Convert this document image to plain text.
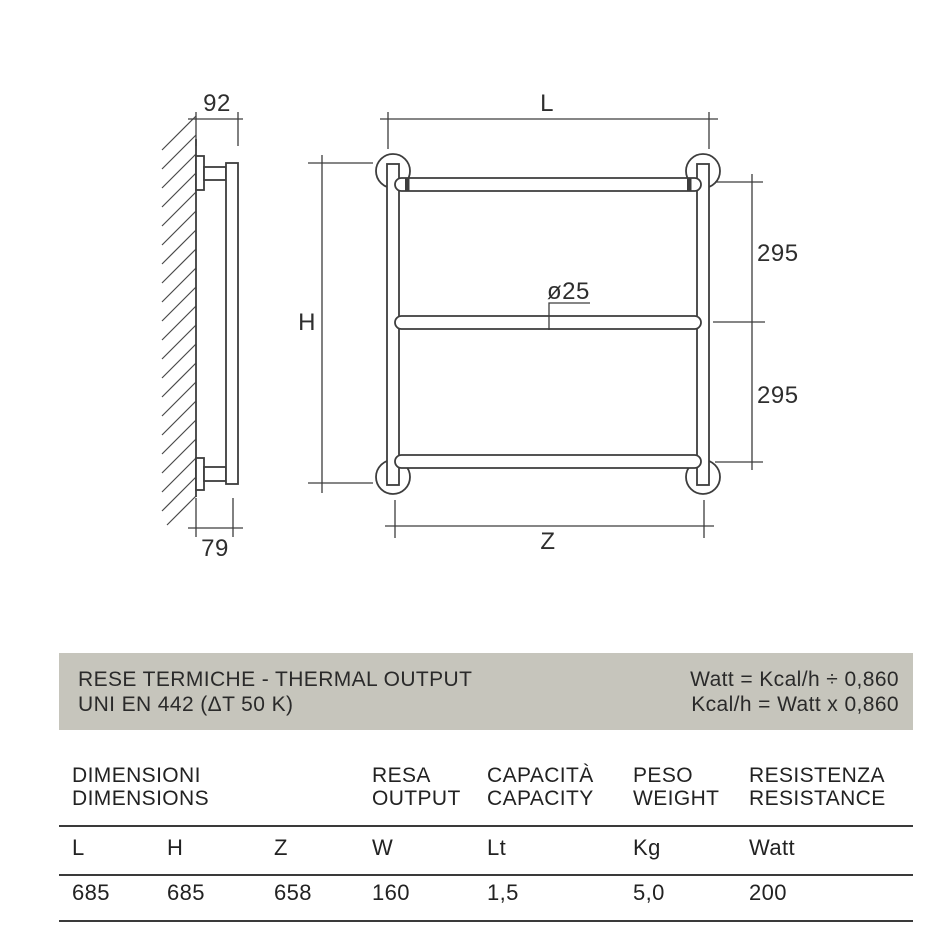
92
79
L
H
Z
295
295
ø25
RESE TERMICHE - THERMAL OUTPUT
UNI EN 442 (ΔT 50 K)
Watt = Kcal/h ÷ 0,860
Kcal/h = Watt x 0,860
DIMENSIONI
DIMENSIONS
RESA
OUTPUT
CAPACITÀ
CAPACITY
PESO
WEIGHT
RESISTENZA
RESISTANCE
L	H	Z	W	Lt	Kg	Watt
685	685	658	160	1,5	5,0	200
